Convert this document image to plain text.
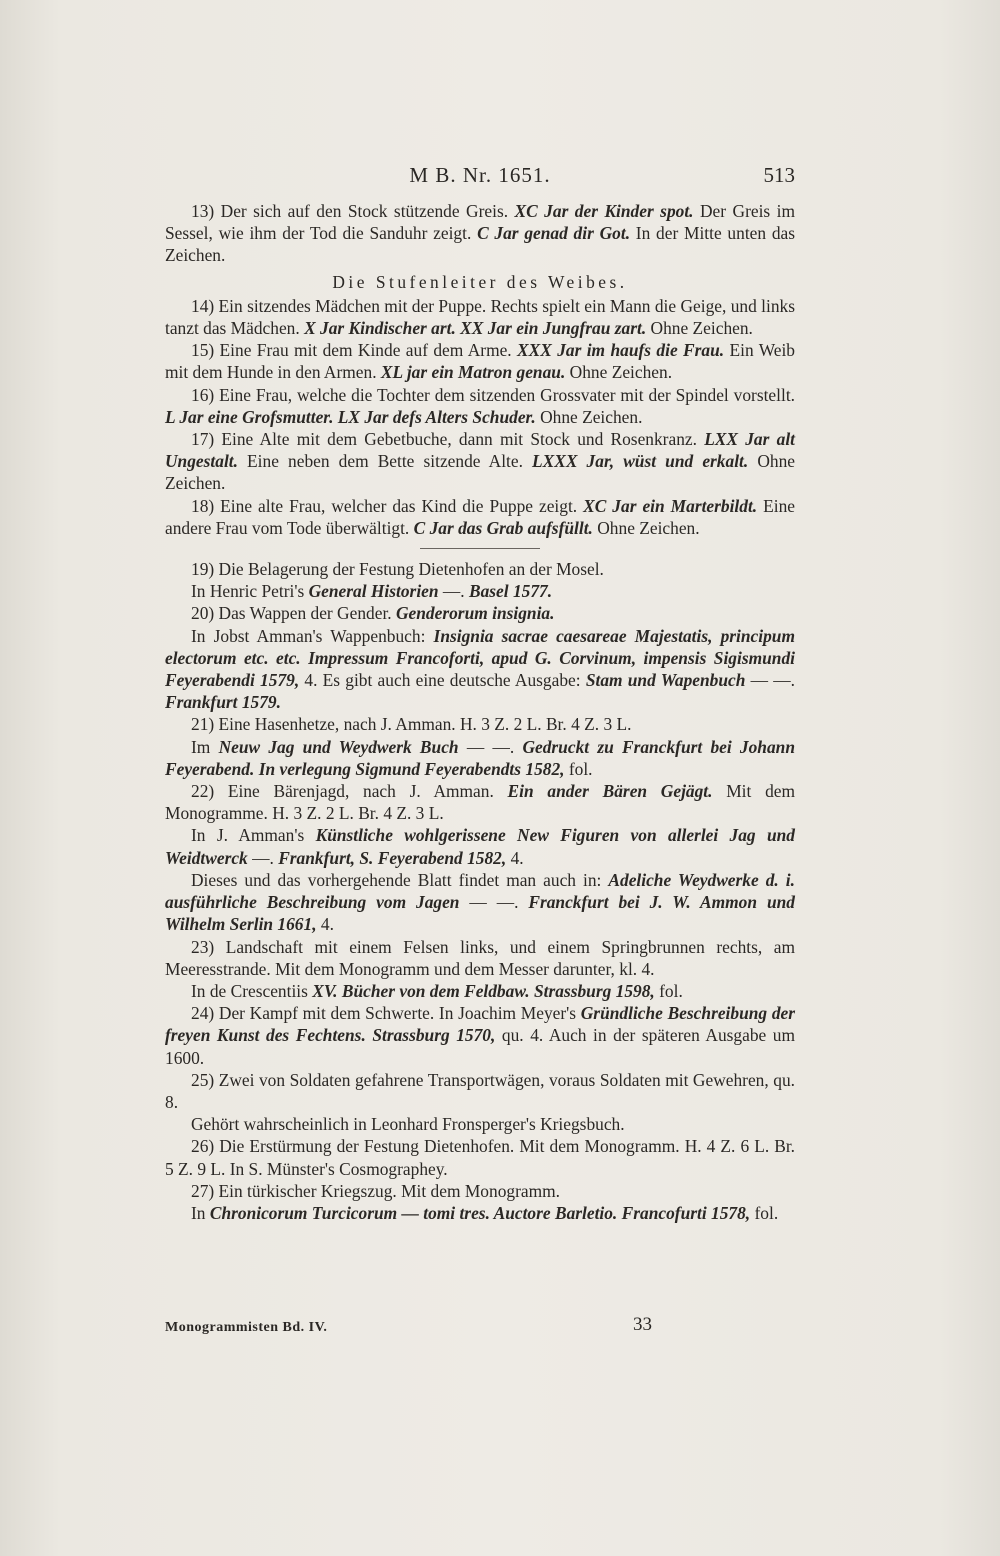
M B. Nr. 1651.	513

13) Der sich auf den Stock stützende Greis. XC Jar der Kinder spot. Der Greis im Sessel, wie ihm der Tod die Sanduhr zeigt. C Jar genad dir Got. In der Mitte unten das Zeichen.

Die Stufenleiter des Weibes.

14) Ein sitzendes Mädchen mit der Puppe. Rechts spielt ein Mann die Geige, und links tanzt das Mädchen. X Jar Kindischer art. XX Jar ein Jungfrau zart. Ohne Zeichen.

15) Eine Frau mit dem Kinde auf dem Arme. XXX Jar im haufs die Frau. Ein Weib mit dem Hunde in den Armen. XL jar ein Matron genau. Ohne Zeichen.

16) Eine Frau, welche die Tochter dem sitzenden Grossvater mit der Spindel vorstellt. L Jar eine Grofsmutter. LX Jar defs Alters Schuder. Ohne Zeichen.

17) Eine Alte mit dem Gebetbuche, dann mit Stock und Rosenkranz. LXX Jar alt Ungestalt. Eine neben dem Bette sitzende Alte. LXXX Jar, wüst und erkalt. Ohne Zeichen.

18) Eine alte Frau, welcher das Kind die Puppe zeigt. XC Jar ein Marterbildt. Eine andere Frau vom Tode überwältigt. C Jar das Grab aufsfüllt. Ohne Zeichen.

19) Die Belagerung der Festung Dietenhofen an der Mosel.

In Henric Petri's General Historien —. Basel 1577.

20) Das Wappen der Gender. Genderorum insignia.

In Jobst Amman's Wappenbuch: Insignia sacrae caesareae Majestatis, principum electorum etc. etc. Impressum Francoforti, apud G. Corvinum, impensis Sigismundi Feyerabendi 1579, 4. Es gibt auch eine deutsche Ausgabe: Stam und Wapenbuch — —. Frankfurt 1579.

21) Eine Hasenhetze, nach J. Amman. H. 3 Z. 2 L. Br. 4 Z. 3 L.

Im Neuw Jag und Weydwerk Buch — —. Gedruckt zu Franckfurt bei Johann Feyerabend. In verlegung Sigmund Feyerabendts 1582, fol.

22) Eine Bärenjagd, nach J. Amman. Ein ander Bären Gejägt. Mit dem Monogramme. H. 3 Z. 2 L. Br. 4 Z. 3 L.

In J. Amman's Künstliche wohlgerissene New Figuren von allerlei Jag und Weidtwerck —. Frankfurt, S. Feyerabend 1582, 4.

Dieses und das vorhergehende Blatt findet man auch in: Adeliche Weydwerke d. i. ausführliche Beschreibung vom Jagen — —. Franckfurt bei J. W. Ammon und Wilhelm Serlin 1661, 4.

23) Landschaft mit einem Felsen links, und einem Springbrunnen rechts, am Meeresstrande. Mit dem Monogramm und dem Messer darunter, kl. 4.

In de Crescentiis XV. Bücher von dem Feldbaw. Strassburg 1598, fol.

24) Der Kampf mit dem Schwerte. In Joachim Meyer's Gründliche Beschreibung der freyen Kunst des Fechtens. Strassburg 1570, qu. 4. Auch in der späteren Ausgabe um 1600.

25) Zwei von Soldaten gefahrene Transportwägen, voraus Soldaten mit Gewehren, qu. 8.

Gehört wahrscheinlich in Leonhard Fronsperger's Kriegsbuch.

26) Die Erstürmung der Festung Dietenhofen. Mit dem Monogramm. H. 4 Z. 6 L. Br. 5 Z. 9 L. In S. Münster's Cosmographey.

27) Ein türkischer Kriegszug. Mit dem Monogramm.

In Chronicorum Turcicorum — tomi tres. Auctore Barletio. Francofurti 1578, fol.

Monogrammisten Bd. IV.	33
